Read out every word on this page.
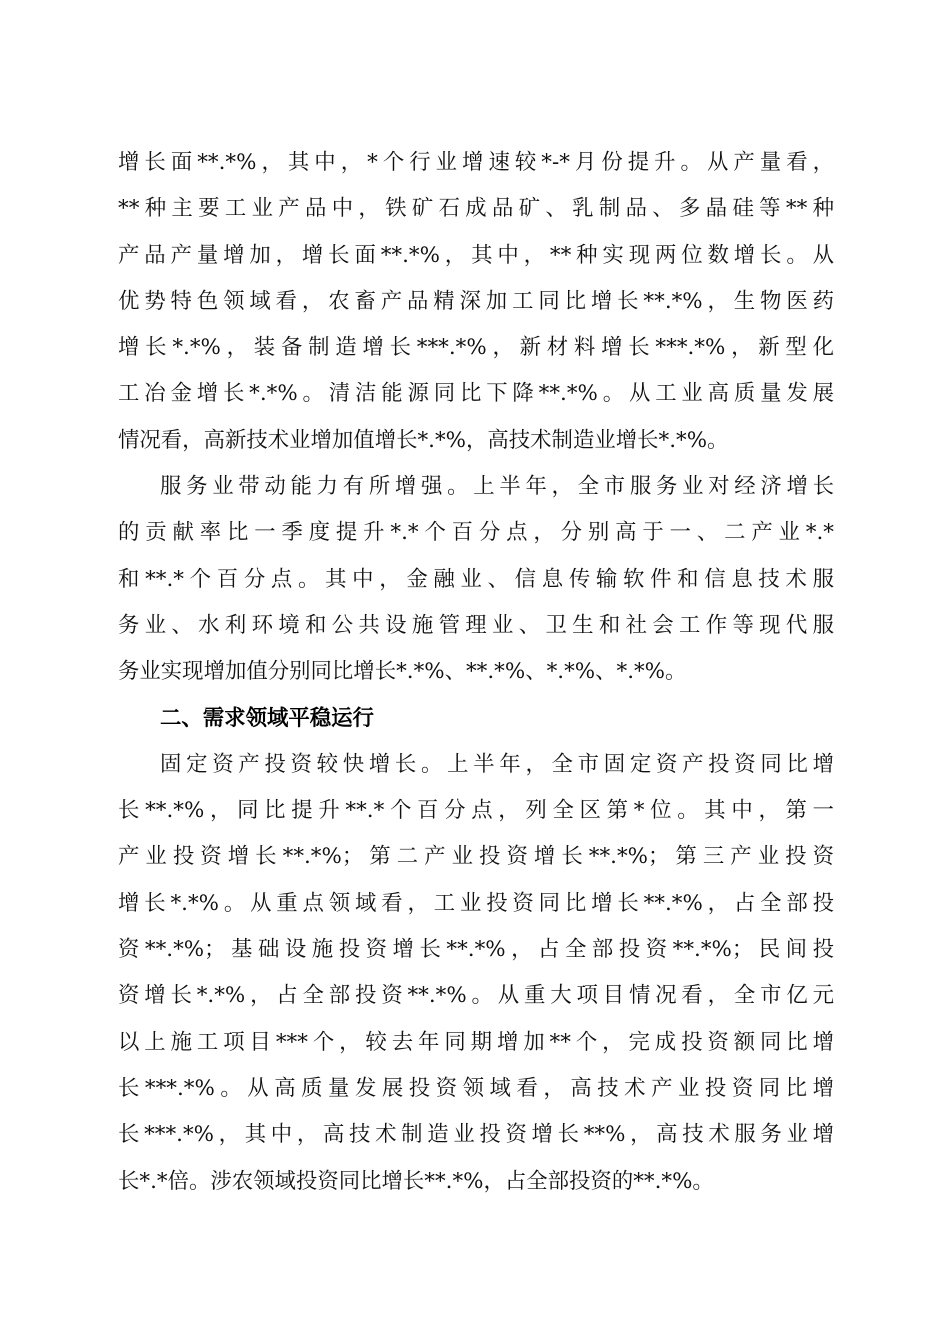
增长面**.*%，其中，*个行业增速较*-*月份提升。从产量看，
**种主要工业产品中，铁矿石成品矿、乳制品、多晶硅等**种
产品产量增加，增长面**.*%，其中，**种实现两位数增长。从
优势特色领域看，农畜产品精深加工同比增长**.*%，生物医药
增长*.*%，装备制造增长***.*%，新材料增长***.*%，新型化
工冶金增长*.*%。清洁能源同比下降**.*%。从工业高质量发展
情况看，高新技术业增加值增长*.*%，高技术制造业增长*.*%。
服务业带动能力有所增强。上半年，全市服务业对经济增长
的贡献率比一季度提升*.*个百分点，分别高于一、二产业*.*
和**.*个百分点。其中，金融业、信息传输软件和信息技术服
务业、水利环境和公共设施管理业、卫生和社会工作等现代服
务业实现增加值分别同比增长*.*%、**.*%、*.*%、*.*%。
二、需求领域平稳运行
固定资产投资较快增长。上半年，全市固定资产投资同比增
长**.*%，同比提升**.*个百分点，列全区第*位。其中，第一
产业投资增长**.*%；第二产业投资增长**.*%；第三产业投资
增长*.*%。从重点领域看，工业投资同比增长**.*%，占全部投
资**.*%；基础设施投资增长**.*%，占全部投资**.*%；民间投
资增长*.*%，占全部投资**.*%。从重大项目情况看，全市亿元
以上施工项目***个，较去年同期增加**个，完成投资额同比增
长***.*%。从高质量发展投资领域看，高技术产业投资同比增
长***.*%，其中，高技术制造业投资增长**%，高技术服务业增
长*.*倍。涉农领域投资同比增长**.*%，占全部投资的**.*%。
